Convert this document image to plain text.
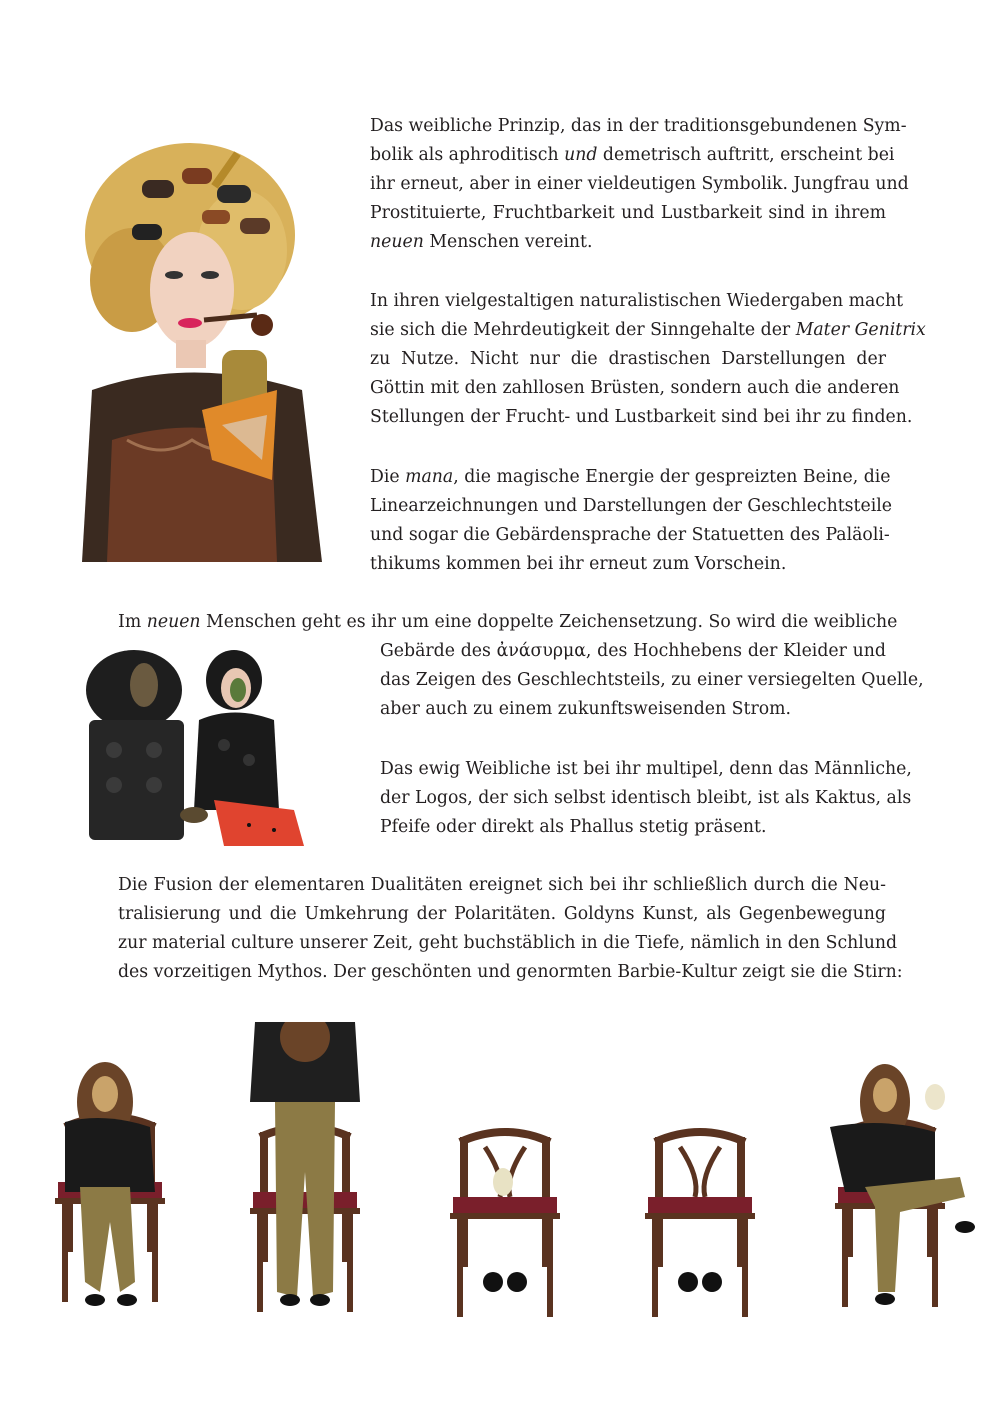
Das weibliche Prinzip, das in der traditionsgebundenen Sym-
bolik als aphroditisch und demetrisch auftritt, erscheint bei
ihr erneut, aber in einer vieldeutigen Symbolik. Jungfrau und
Prostituierte, Fruchtbarkeit und Lustbarkeit sind in ihrem
neuen Menschen vereint.
In ihren vielgestaltigen naturalistischen Wiedergaben macht
sie sich die Mehrdeutigkeit der Sinngehalte der Mater Genitrix
zu Nutze. Nicht nur die drastischen Darstellungen der
Göttin mit den zahllosen Brüsten, sondern auch die anderen
Stellungen der Frucht- und Lustbarkeit sind bei ihr zu finden.
Die mana, die magische Energie der gespreizten Beine, die
Linearzeichnungen und Darstellungen der Geschlechtsteile
und sogar die Gebärdensprache der Statuetten des Paläoli-
thikums kommen bei ihr erneut zum Vorschein.
Im neuen Menschen geht es ihr um eine doppelte Zeichensetzung. So wird die weibliche
Gebärde des ἀνάσυρμα, des Hochhebens der Kleider und
das Zeigen des Geschlechtsteils, zu einer versiegelten Quelle,
aber auch zu einem zukunftsweisenden Strom.
Das ewig Weibliche ist bei ihr multipel, denn das Männliche,
der Logos, der sich selbst identisch bleibt, ist als Kaktus, als
Pfeife oder direkt als Phallus stetig präsent.
Die Fusion der elementaren Dualitäten ereignet sich bei ihr schließlich durch die Neu-
tralisierung und die Umkehrung der Polaritäten. Goldyns Kunst, als Gegenbewegung
zur material culture unserer Zeit, geht buchstäblich in die Tiefe, nämlich in den Schlund
des vorzeitigen Mythos. Der geschönten und genormten Barbie-Kultur zeigt sie die Stirn:
